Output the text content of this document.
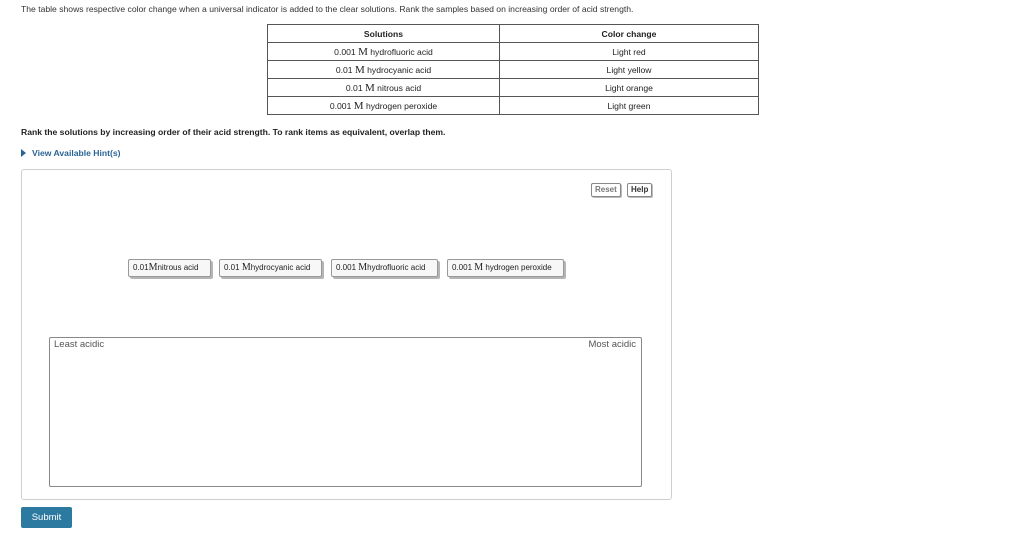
The table shows respective color change when a universal indicator is added to the clear solutions. Rank the samples based on increasing order of acid strength.
Solutions	Color change
0.001 M hydrofluoric acid	Light red
0.01 M hydrocyanic acid	Light yellow
0.01 M nitrous acid	Light orange
0.001 M hydrogen peroxide	Light green
Rank the solutions by increasing order of their acid strength. To rank items as equivalent, overlap them.
View Available Hint(s)
Reset	Help
0.01Mnitrous acid	0.01 Mhydrocyanic acid	0.001 Mhydrofluoric acid	0.001 M hydrogen peroxide
Least acidic	Most acidic
Submit
